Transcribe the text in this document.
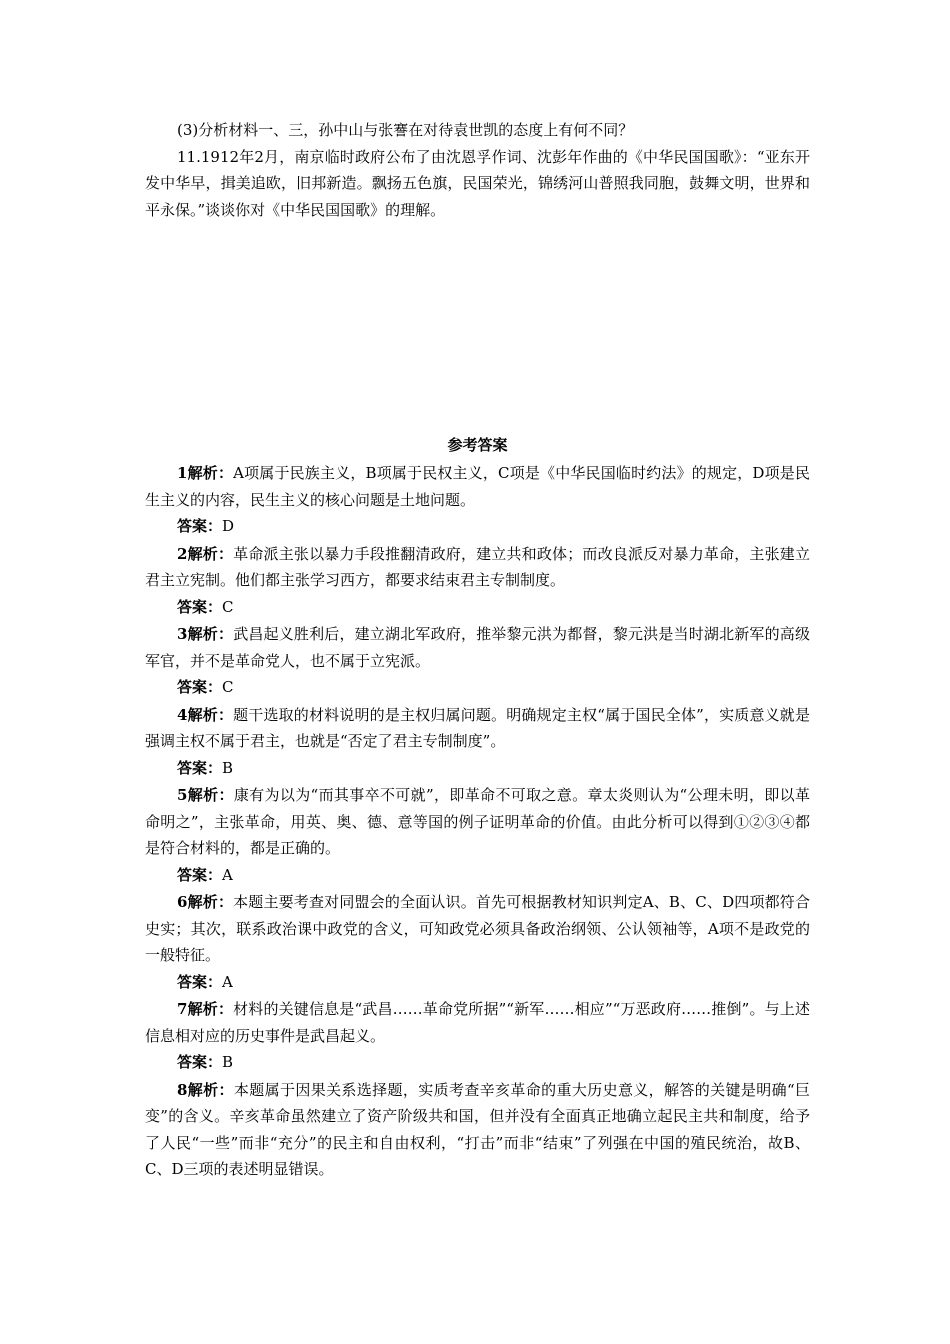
(3)分析材料一、三，孙中山与张謇在对待袁世凯的态度上有何不同？

11.1912年2月，南京临时政府公布了由沈恩孚作词、沈彭年作曲的《中华民国国歌》：“亚东开发中华早，揖美追欧，旧邦新造。飘扬五色旗，民国荣光，锦绣河山普照我同胞，鼓舞文明，世界和平永保。”谈谈你对《中华民国国歌》的理解。

参考答案

1解析：A项属于民族主义，B项属于民权主义，C项是《中华民国临时约法》的规定，D项是民生主义的内容，民生主义的核心问题是土地问题。

答案：D

2解析：革命派主张以暴力手段推翻清政府，建立共和政体；而改良派反对暴力革命，主张建立君主立宪制。他们都主张学习西方，都要求结束君主专制制度。

答案：C

3解析：武昌起义胜利后，建立湖北军政府，推举黎元洪为都督，黎元洪是当时湖北新军的高级军官，并不是革命党人，也不属于立宪派。

答案：C

4解析：题干选取的材料说明的是主权归属问题。明确规定主权“属于国民全体”，实质意义就是强调主权不属于君主，也就是“否定了君主专制制度”。

答案：B

5解析：康有为以为“而其事卒不可就”，即革命不可取之意。章太炎则认为“公理未明，即以革命明之”，主张革命，用英、奥、德、意等国的例子证明革命的价值。由此分析可以得到①②③④都是符合材料的，都是正确的。

答案：A

6解析：本题主要考查对同盟会的全面认识。首先可根据教材知识判定A、B、C、D四项都符合史实；其次，联系政治课中政党的含义，可知政党必须具备政治纲领、公认领袖等，A项不是政党的一般特征。

答案：A

7解析：材料的关键信息是“武昌……革命党所据”“新军……相应”“万恶政府……推倒”。与上述信息相对应的历史事件是武昌起义。

答案：B

8解析：本题属于因果关系选择题，实质考查辛亥革命的重大历史意义，解答的关键是明确“巨变”的含义。辛亥革命虽然建立了资产阶级共和国，但并没有全面真正地确立起民主共和制度，给予了人民“一些”而非“充分”的民主和自由权利，“打击”而非“结束”了列强在中国的殖民统治，故B、C、D三项的表述明显错误。
